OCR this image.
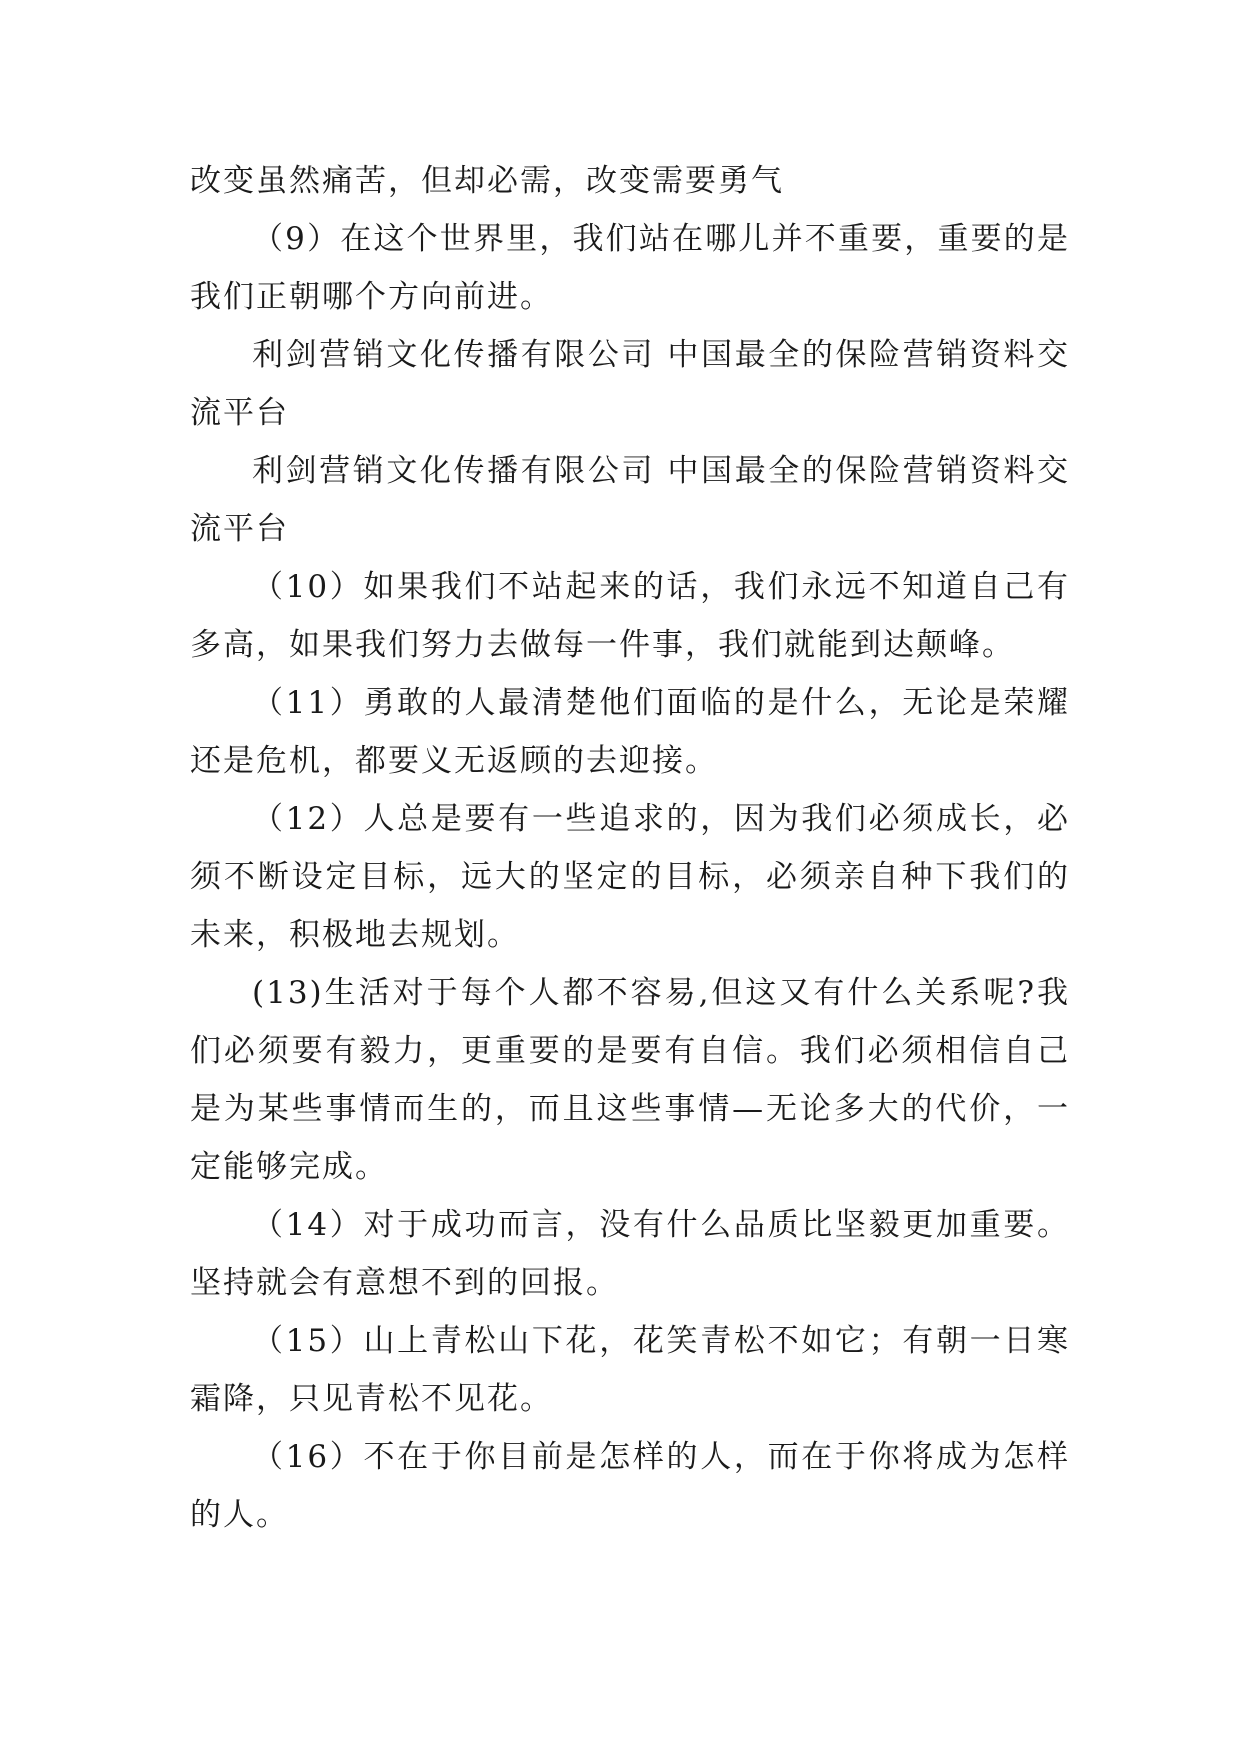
改变虽然痛苦，但却必需，改变需要勇气

（9）在这个世界里，我们站在哪儿并不重要，重要的是我们正朝哪个方向前进。

利剑营销文化传播有限公司 中国最全的保险营销资料交流平台

利剑营销文化传播有限公司 中国最全的保险营销资料交流平台

（10）如果我们不站起来的话，我们永远不知道自己有多高，如果我们努力去做每一件事，我们就能到达颠峰。

（11）勇敢的人最清楚他们面临的是什么，无论是荣耀还是危机，都要义无返顾的去迎接。

（12）人总是要有一些追求的，因为我们必须成长，必须不断设定目标，远大的坚定的目标，必须亲自种下我们的未来，积极地去规划。

(13)生活对于每个人都不容易,但这又有什么关系呢?我们必须要有毅力，更重要的是要有自信。我们必须相信自己是为某些事情而生的，而且这些事情—无论多大的代价，一定能够完成。

（14）对于成功而言，没有什么品质比坚毅更加重要。坚持就会有意想不到的回报。

（15）山上青松山下花，花笑青松不如它；有朝一日寒霜降，只见青松不见花。

（16）不在于你目前是怎样的人，而在于你将成为怎样的人。
